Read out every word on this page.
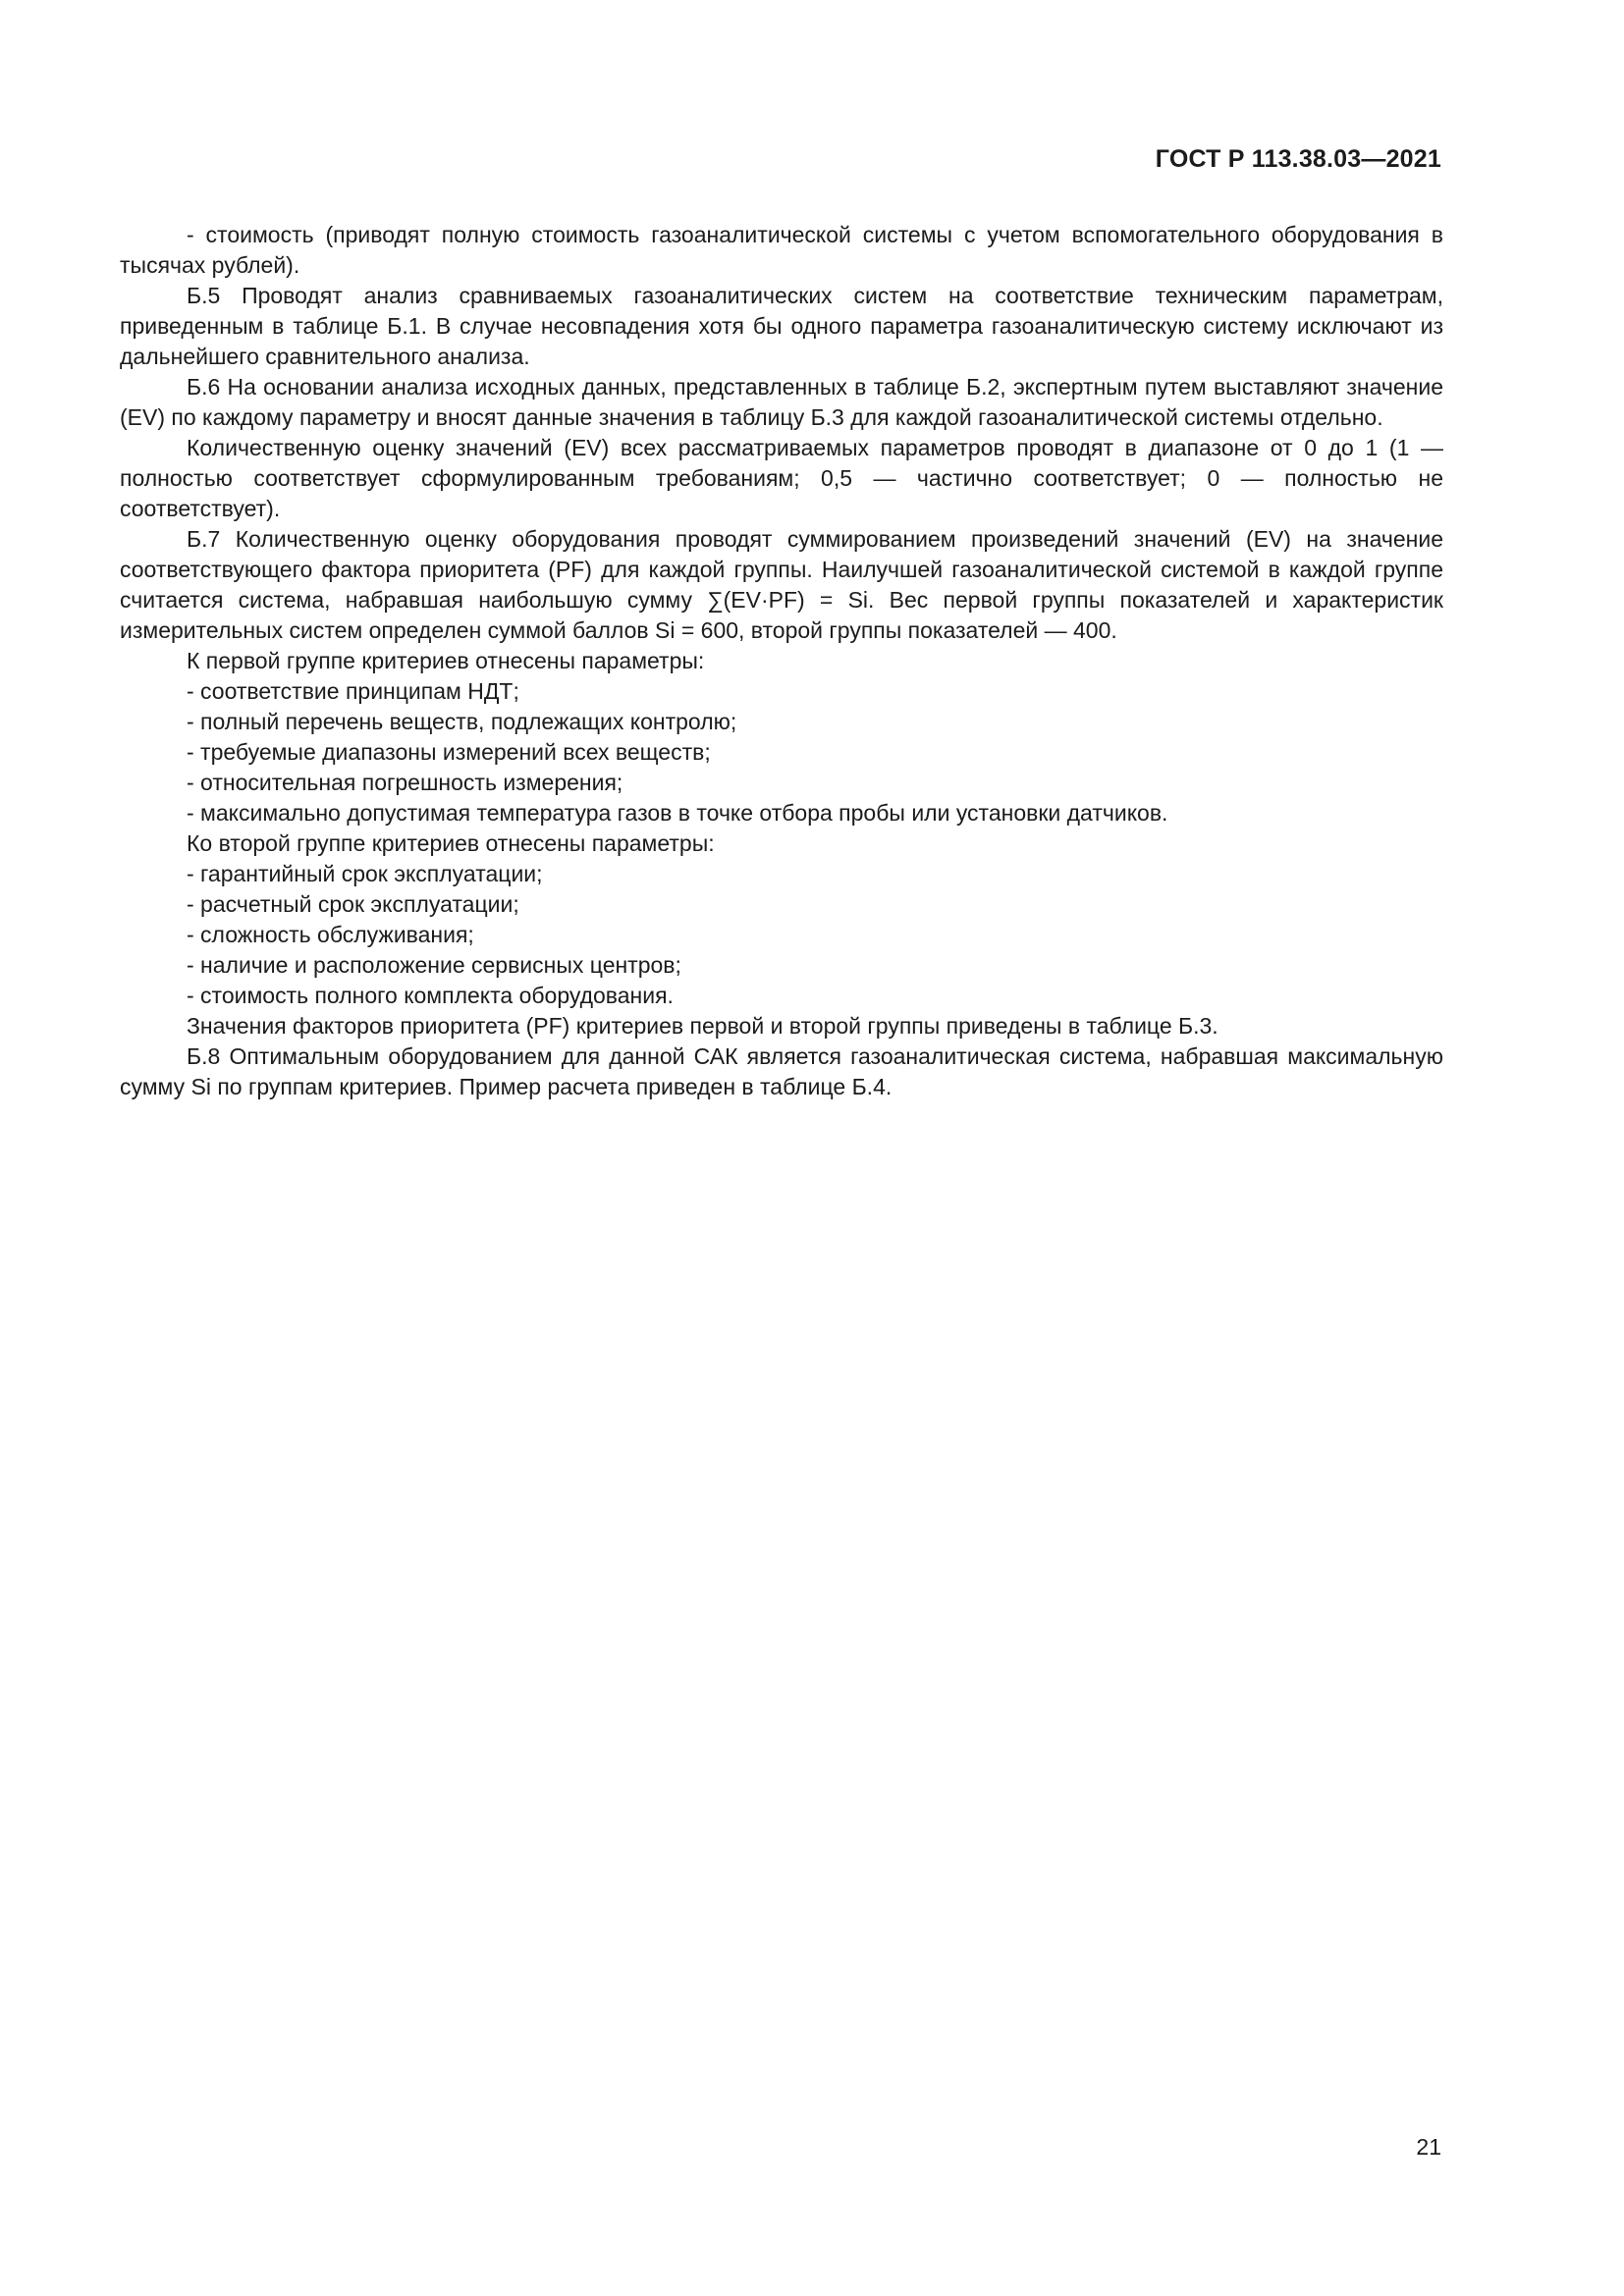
ГОСТ Р 113.38.03—2021

- стоимость (приводят полную стоимость газоаналитической системы с учетом вспомогательного оборудования в тысячах рублей).

Б.5 Проводят анализ сравниваемых газоаналитических систем на соответствие техническим параметрам, приведенным в таблице Б.1. В случае несовпадения хотя бы одного параметра газоаналитическую систему исключают из дальнейшего сравнительного анализа.

Б.6 На основании анализа исходных данных, представленных в таблице Б.2, экспертным путем выставляют значение (EV) по каждому параметру и вносят данные значения в таблицу Б.3 для каждой газоаналитической системы отдельно.

Количественную оценку значений (EV) всех рассматриваемых параметров проводят в диапазоне от 0 до 1 (1 — полностью соответствует сформулированным требованиям; 0,5 — частично соответствует; 0 — полностью не соответствует).

Б.7 Количественную оценку оборудования проводят суммированием произведений значений (EV) на значение соответствующего фактора приоритета (PF) для каждой группы. Наилучшей газоаналитической системой в каждой группе считается система, набравшая наибольшую сумму ∑(EV·PF) = Si. Вес первой группы показателей и характеристик измерительных систем определен суммой баллов Si = 600, второй группы показателей — 400.

К первой группе критериев отнесены параметры:

- соответствие принципам НДТ;

- полный перечень веществ, подлежащих контролю;

- требуемые диапазоны измерений всех веществ;

- относительная погрешность измерения;

- максимально допустимая температура газов в точке отбора пробы или установки датчиков.

Ко второй группе критериев отнесены параметры:

- гарантийный срок эксплуатации;

- расчетный срок эксплуатации;

- сложность обслуживания;

- наличие и расположение сервисных центров;

- стоимость полного комплекта оборудования.

Значения факторов приоритета (PF) критериев первой и второй группы приведены в таблице Б.3.

Б.8 Оптимальным оборудованием для данной САК является газоаналитическая система, набравшая максимальную сумму Si по группам критериев. Пример расчета приведен в таблице Б.4.

21
